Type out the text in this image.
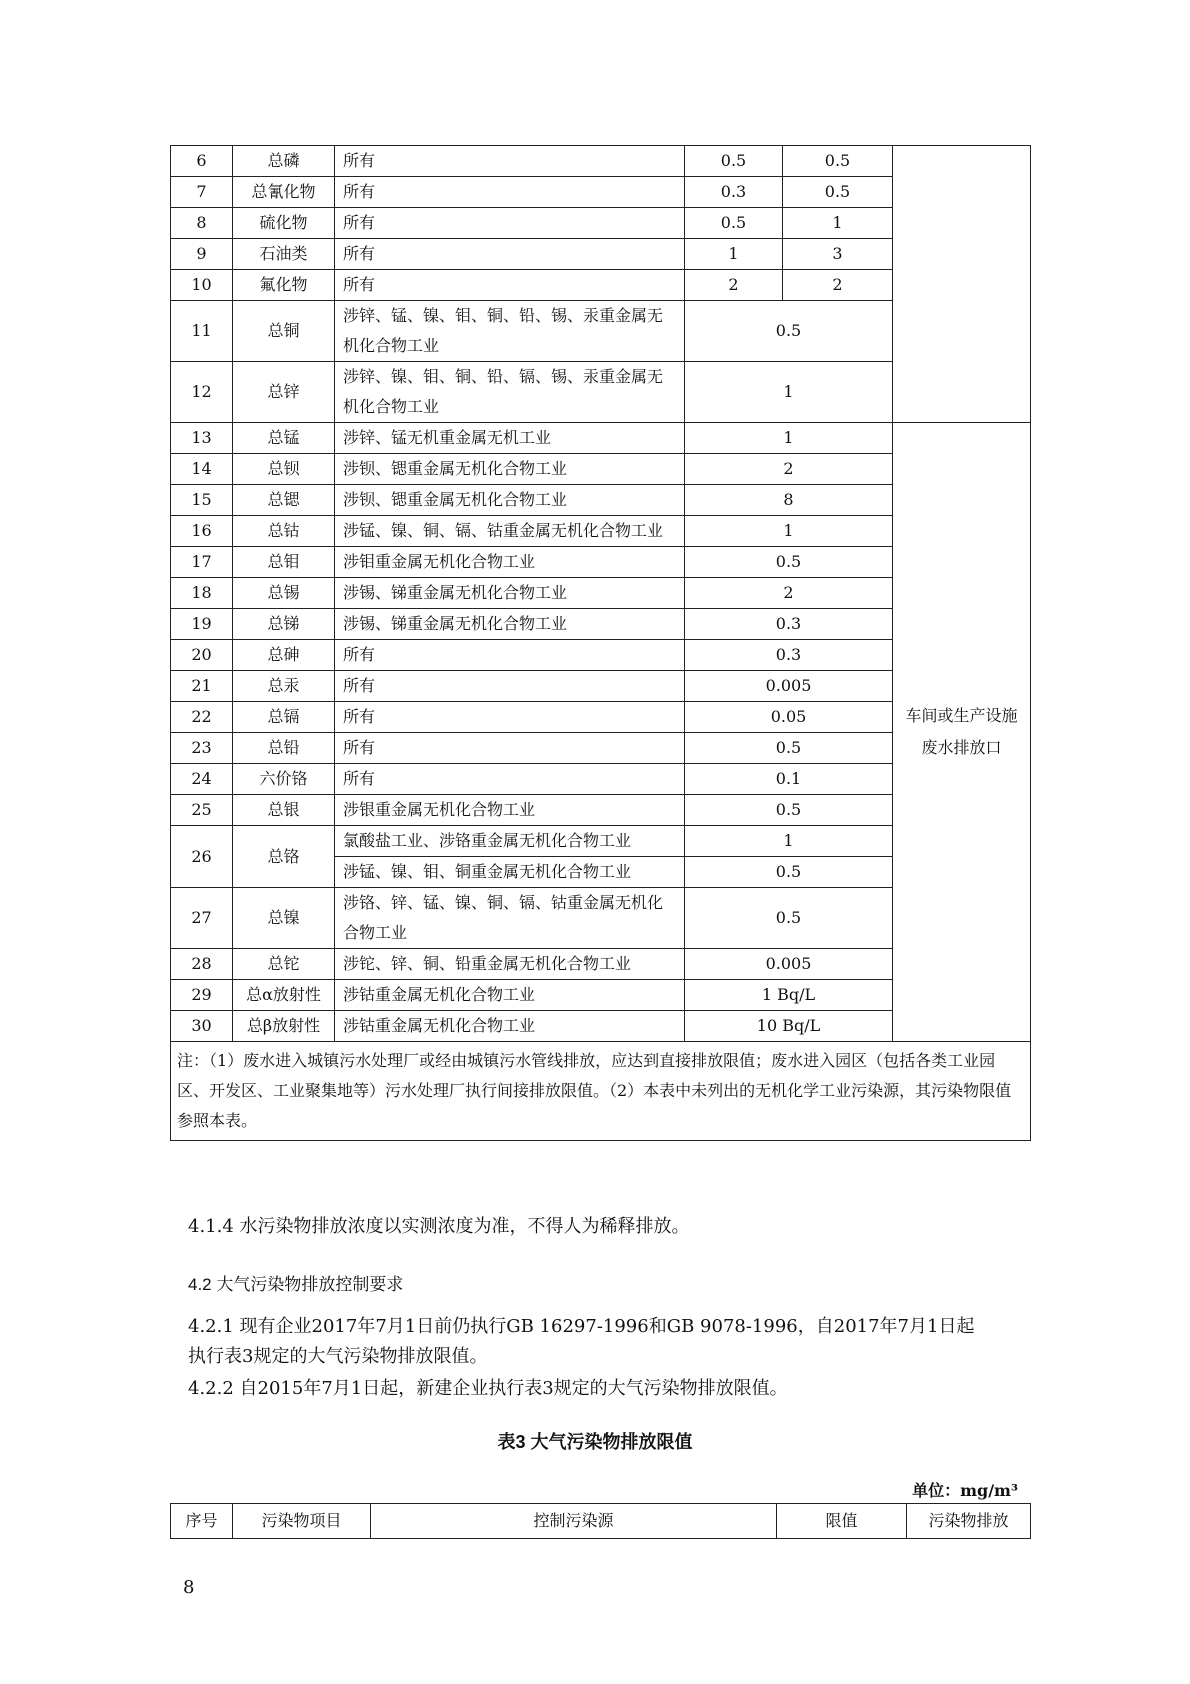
6	总磷	所有	0.5	0.5	
7	总氰化物	所有	0.3	0.5	
8	硫化物	所有	0.5	1	
9	石油类	所有	1	3	
10	氟化物	所有	2	2	
11	总铜	涉锌、锰、镍、钼、铜、铅、锡、汞重金属无机化合物工业	0.5		
12	总锌	涉锌、镍、钼、铜、铅、镉、锡、汞重金属无机化合物工业	1		
13	总锰	涉锌、锰无机重金属无机工业	1		车间或生产设施废水排放口
14	总钡	涉钡、锶重金属无机化合物工业	2		
15	总锶	涉钡、锶重金属无机化合物工业	8		
16	总钴	涉锰、镍、铜、镉、钴重金属无机化合物工业	1		
17	总钼	涉钼重金属无机化合物工业	0.5		
18	总锡	涉锡、锑重金属无机化合物工业	2		
19	总锑	涉锡、锑重金属无机化合物工业	0.3		
20	总砷	所有	0.3		
21	总汞	所有	0.005		
22	总镉	所有	0.05		
23	总铅	所有	0.5		
24	六价铬	所有	0.1		
25	总银	涉银重金属无机化合物工业	0.5		
26	总铬	氯酸盐工业、涉铬重金属无机化合物工业	1		
		涉锰、镍、钼、铜重金属无机化合物工业	0.5		
27	总镍	涉铬、锌、锰、镍、铜、镉、钴重金属无机化合物工业	0.5		
28	总铊	涉铊、锌、铜、铅重金属无机化合物工业	0.005		
29	总α放射性	涉钴重金属无机化合物工业	1 Bq/L		
30	总β放射性	涉钴重金属无机化合物工业	10 Bq/L		
注：（1）废水进入城镇污水处理厂或经由城镇污水管线排放，应达到直接排放限值；废水进入园区（包括各类工业园区、开发区、工业聚集地等）污水处理厂执行间接排放限值。（2）本表中未列出的无机化学工业污染源，其污染物限值参照本表。					
4.1.4 水污染物排放浓度以实测浓度为准，不得人为稀释排放。
4.2 大气污染物排放控制要求
4.2.1 现有企业2017年7月1日前仍执行GB 16297-1996和GB 9078-1996，自2017年7月1日起
执行表3规定的大气污染物排放限值。
4.2.2 自2015年7月1日起，新建企业执行表3规定的大气污染物排放限值。
表3 大气污染物排放限值
单位：mg/m³
序号	污染物项目	控制污染源	限值	污染物排放
8
